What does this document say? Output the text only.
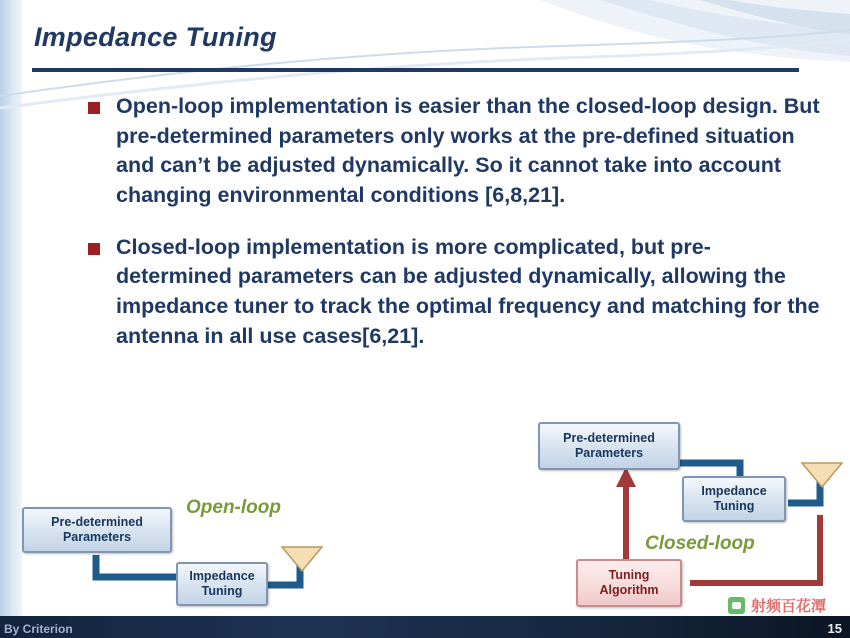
Impedance Tuning
Open-loop implementation is easier than the closed-loop design. But pre-determined parameters only works at the pre-defined situation and can’t be adjusted dynamically. So it cannot take into account changing environmental conditions [6,8,21].
Closed-loop implementation is more complicated, but pre-determined parameters can be adjusted dynamically, allowing the impedance tuner to track the optimal frequency and matching for the antenna in all use cases[6,21].
Pre-determined
Parameters
Impedance
Tuning
Open-loop
Pre-determined
Parameters
Impedance
Tuning
Tuning
Algorithm
Closed-loop
射频百花潭
By Criterion	15
